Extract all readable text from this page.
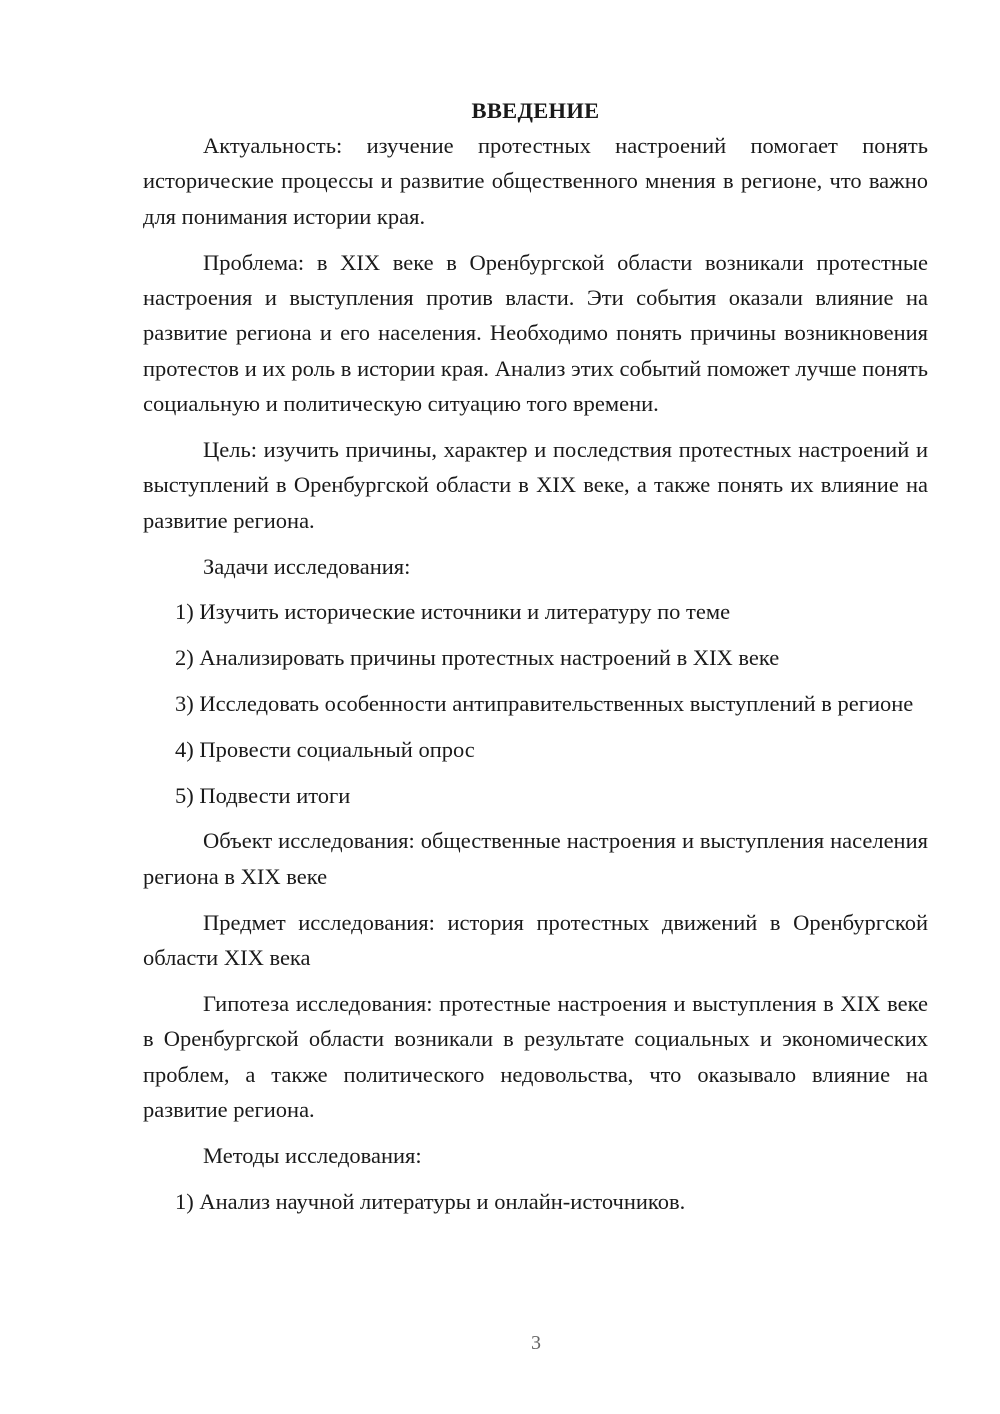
ВВЕДЕНИЕ

Актуальность: изучение протестных настроений помогает понять исторические процессы и развитие общественного мнения в регионе, что важно для понимания истории края.

Проблема: в XIX веке в Оренбургской области возникали протестные настроения и выступления против власти. Эти события оказали влияние на развитие региона и его населения. Необходимо понять причины возникновения протестов и их роль в истории края. Анализ этих событий поможет лучше понять социальную и политическую ситуацию того времени.

Цель: изучить причины, характер и последствия протестных настроений и выступлений в Оренбургской области в XIX веке, а также понять их влияние на развитие региона.

Задачи исследования:

1) Изучить исторические источники и литературу по теме

2) Анализировать причины протестных настроений в XIX веке

3) Исследовать особенности антиправительственных выступлений в регионе

4) Провести социальный опрос

5) Подвести итоги

Объект исследования: общественные настроения и выступления населения региона в XIX веке

Предмет исследования: история протестных движений в Оренбургской области XIX века

Гипотеза исследования: протестные настроения и выступления в XIX веке в Оренбургской области возникали в результате социальных и экономических проблем, а также политического недовольства, что оказывало влияние на развитие региона.

Методы исследования:

1) Анализ научной литературы и онлайн-источников.

3
